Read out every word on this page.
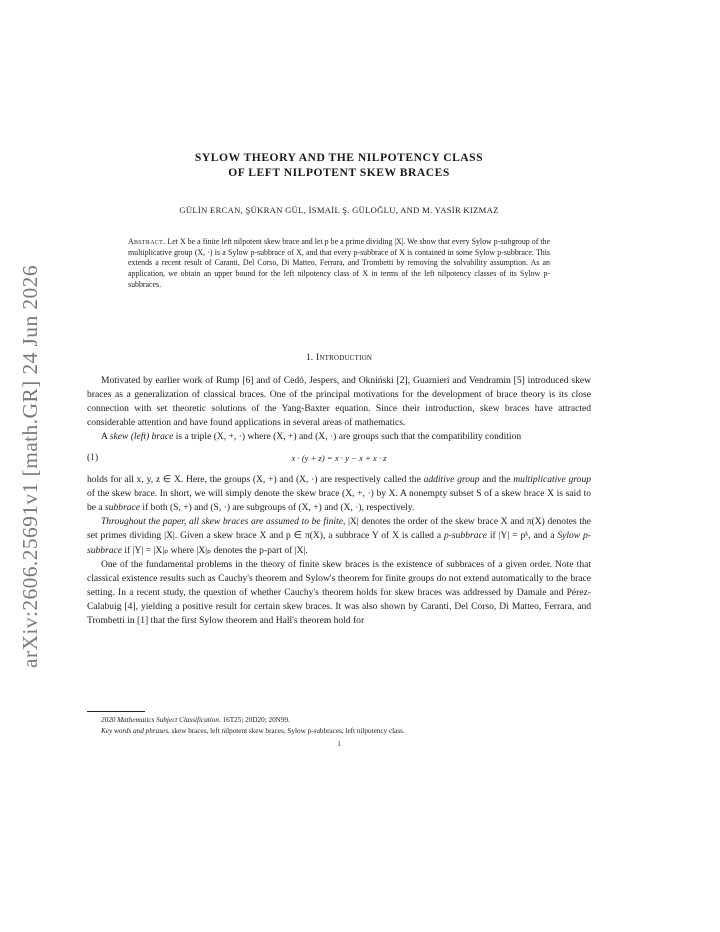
arXiv:2606.25691v1 [math.GR] 24 Jun 2026
SYLOW THEORY AND THE NILPOTENCY CLASS
OF LEFT NILPOTENT SKEW BRACES
GÜLİN ERCAN, ŞÜKRAN GÜL, İSMAİL Ş. GÜLOĞLU, AND M. YASİR KIZMAZ
Abstract. Let X be a finite left nilpotent skew brace and let p be a prime dividing |X|. We show that every Sylow p-subgroup of the multiplicative group (X, ·) is a Sylow p-subbrace of X, and that every p-subbrace of X is contained in some Sylow p-subbrace. This extends a recent result of Caranti, Del Corso, Di Matteo, Ferrara, and Trombetti by removing the solvability assumption. As an application, we obtain an upper bound for the left nilpotency class of X in terms of the left nilpotency classes of its Sylow p-subbraces.
1. Introduction

Motivated by earlier work of Rump [6] and of Cedó, Jespers, and Okniński [2], Guarnieri and Vendramin [5] introduced skew braces as a generalization of classical braces. One of the principal motivations for the development of brace theory is its close connection with set theoretic solutions of the Yang-Baxter equation. Since their introduction, skew braces have attracted considerable attention and have found applications in several areas of mathematics.

A skew (left) brace is a triple (X, +, ·) where (X, +) and (X, ·) are groups such that the compatibility condition

(1)	x · (y + z) = x · y − x + x · z

holds for all x, y, z ∈ X. Here, the groups (X, +) and (X, ·) are respectively called the additive group and the multiplicative group of the skew brace. In short, we will simply denote the skew brace (X, +, ·) by X. A nonempty subset S of a skew brace X is said to be a subbrace if both (S, +) and (S, ·) are subgroups of (X, +) and (X, ·), respectively.

Throughout the paper, all skew braces are assumed to be finite, |X| denotes the order of the skew brace X and π(X) denotes the set primes dividing |X|. Given a skew brace X and p ∈ π(X), a subbrace Y of X is called a p-subbrace if |Y| = pᵏ, and a Sylow p-subbrace if |Y| = |X|ₚ where |X|ₚ denotes the p-part of |X|.

One of the fundamental problems in the theory of finite skew braces is the existence of subbraces of a given order. Note that classical existence results such as Cauchy's theorem and Sylow's theorem for finite groups do not extend automatically to the brace setting. In a recent study, the question of whether Cauchy's theorem holds for skew braces was addressed by Damale and Pérez-Calabuig [4], yielding a positive result for certain skew braces. It was also shown by Caranti, Del Corso, Di Matteo, Ferrara, and Trombetti in [1] that the first Sylow theorem and Hall's theorem hold for

2020 Mathematics Subject Classification. 16T25; 20D20; 20N99.
Key words and phrases. skew braces, left nilpotent skew braces, Sylow p-subbraces, left nilpotency class.
1
